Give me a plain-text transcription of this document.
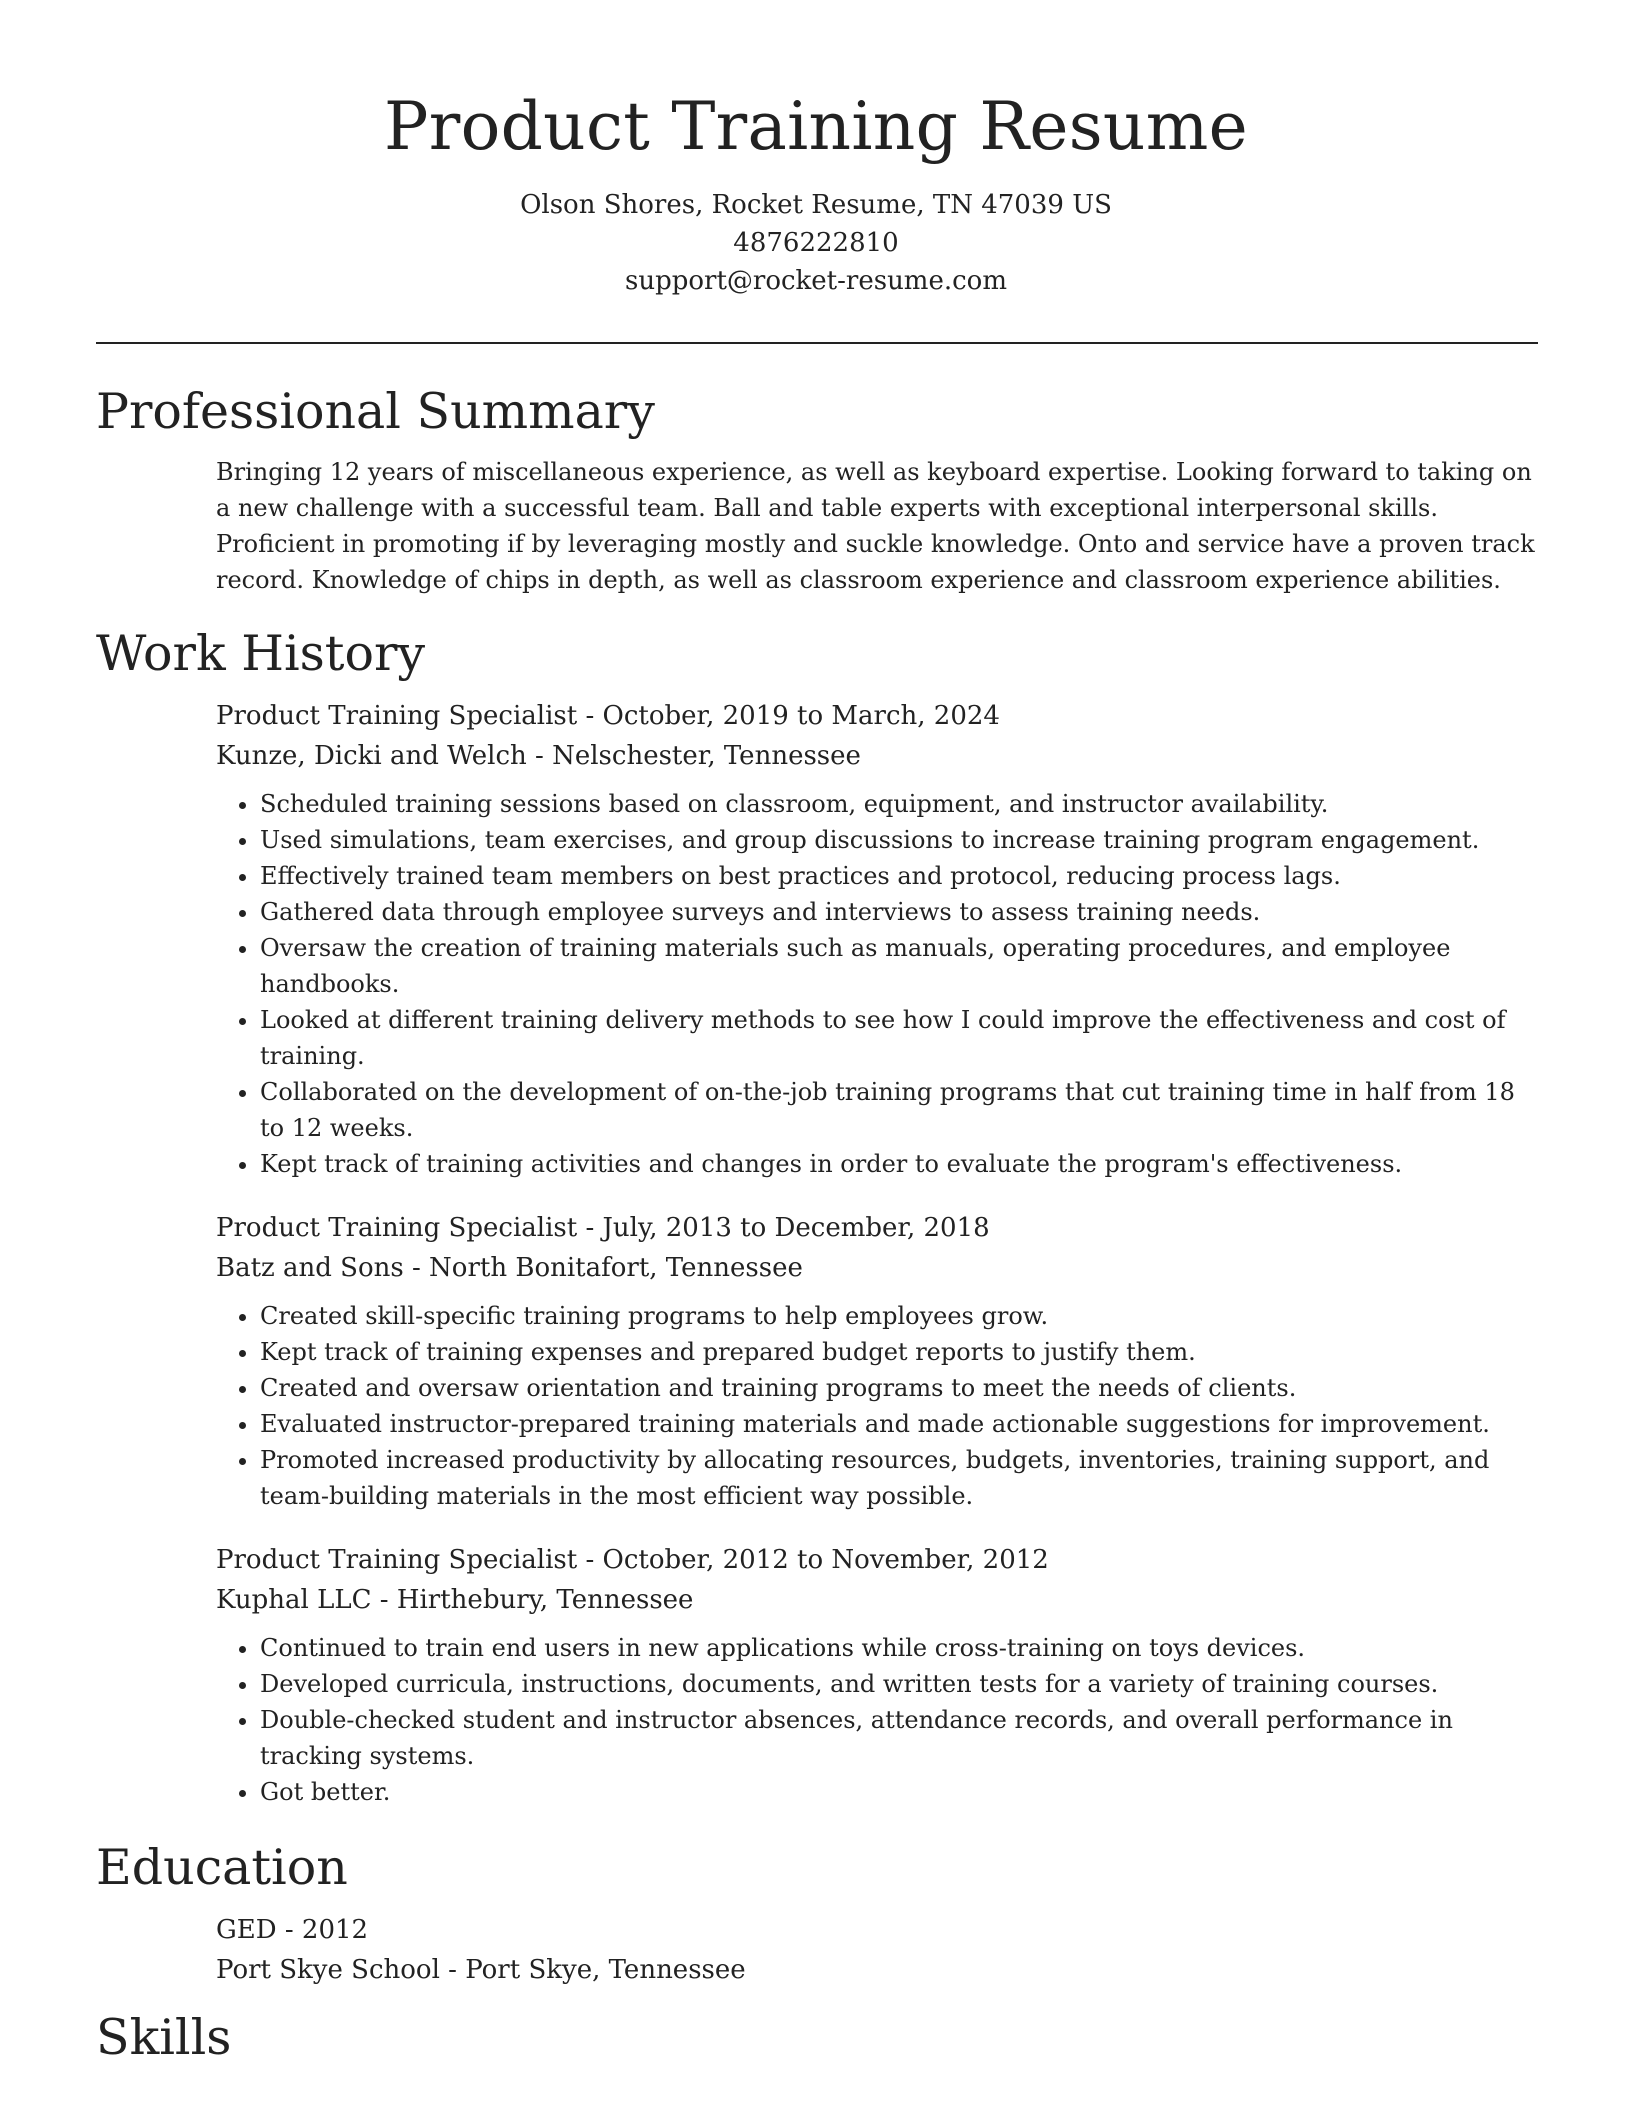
Product Training Resume

Olson Shores, Rocket Resume, TN 47039 US

4876222810

support@rocket-resume.com

Professional Summary

Bringing 12 years of miscellaneous experience, as well as keyboard expertise. Looking forward to taking on a new challenge with a successful team. Ball and table experts with exceptional interpersonal skills. Proficient in promoting if by leveraging mostly and suckle knowledge. Onto and service have a proven track record. Knowledge of chips in depth, as well as classroom experience and classroom experience abilities.

Work History

Product Training Specialist - October, 2019 to March, 2024

Kunze, Dicki and Welch - Nelschester, Tennessee

• Scheduled training sessions based on classroom, equipment, and instructor availability.
• Used simulations, team exercises, and group discussions to increase training program engagement.
• Effectively trained team members on best practices and protocol, reducing process lags.
• Gathered data through employee surveys and interviews to assess training needs.
• Oversaw the creation of training materials such as manuals, operating procedures, and employee handbooks.
• Looked at different training delivery methods to see how I could improve the effectiveness and cost of training.
• Collaborated on the development of on-the-job training programs that cut training time in half from 18 to 12 weeks.
• Kept track of training activities and changes in order to evaluate the program's effectiveness.

Product Training Specialist - July, 2013 to December, 2018

Batz and Sons - North Bonitafort, Tennessee

• Created skill-specific training programs to help employees grow.
• Kept track of training expenses and prepared budget reports to justify them.
• Created and oversaw orientation and training programs to meet the needs of clients.
• Evaluated instructor-prepared training materials and made actionable suggestions for improvement.
• Promoted increased productivity by allocating resources, budgets, inventories, training support, and team-building materials in the most efficient way possible.

Product Training Specialist - October, 2012 to November, 2012

Kuphal LLC - Hirthebury, Tennessee

• Continued to train end users in new applications while cross-training on toys devices.
• Developed curricula, instructions, documents, and written tests for a variety of training courses.
• Double-checked student and instructor absences, attendance records, and overall performance in tracking systems.
• Got better.
Education

GED - 2012

Port Skye School - Port Skye, Tennessee

Skills
